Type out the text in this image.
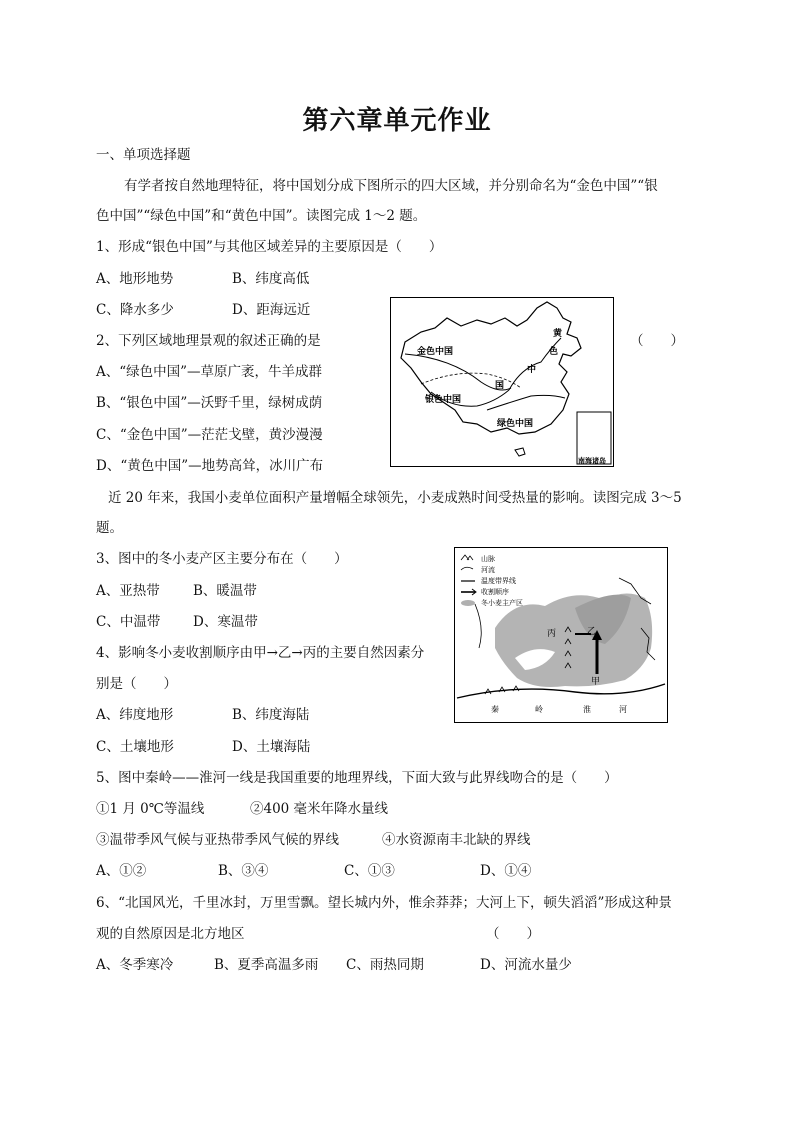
第六章单元作业
一、单项选择题
有学者按自然地理特征，将中国划分成下图所示的四大区域，并分别命名为“金色中国”“银
色中国”“绿色中国”和“黄色中国”。读图完成 1～2 题。
1、形成“银色中国”与其他区域差异的主要原因是（　　）
A、地形地势	B、纬度高低
C、降水多少	D、距海远近
2、下列区域地理景观的叙述正确的是	（　　）
A、“绿色中国”—草原广袤，牛羊成群
B、“银色中国”—沃野千里，绿树成荫
C、“金色中国”—茫茫戈壁，黄沙漫漫
D、“黄色中国”—地势高耸，冰川广布
金色中国
银色中国
绿色中国
黄
色
中
国
南海诸岛
近 20 年来，我国小麦单位面积产量增幅全球领先，小麦成熟时间受热量的影响。读图完成 3～5
题。
3、图中的冬小麦产区主要分布在（　　）
A、亚热带 B、暖温带
C、中温带 D、寒温带
4、影响冬小麦收割顺序由甲→乙→丙的主要自然因素分
别是（　　）
A、纬度地形	B、纬度海陆
C、土壤地形	D、土壤海陆
山脉
河流
温度带界线
收割顺序
冬小麦主产区
丙	乙
甲
秦	岭	淮	河
5、图中秦岭——淮河一线是我国重要的地理界线，下面大致与此界线吻合的是（　　）
①1 月 0℃等温线	②400 毫米年降水量线
③温带季风气候与亚热带季风气候的界线	④水资源南丰北缺的界线
A、①②	B、③④	C、①③	D、①④
6、“北国风光，千里冰封，万里雪飘。望长城内外，惟余莽莽；大河上下，顿失滔滔”形成这种景
观的自然原因是北方地区	（　　）
A、冬季寒冷	B、夏季高温多雨 C、雨热同期	D、河流水量少
